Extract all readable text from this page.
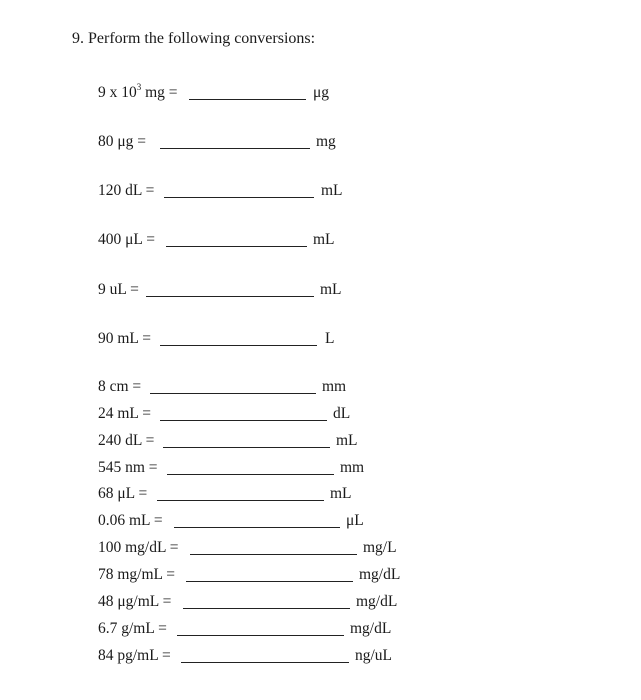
9. Perform the following conversions:
9 x $10^3$ mg =	μg
80 μg =	mg
120 dL =	mL
400 μL =	mL
9 uL =	mL
90 mL =	L
8 cm =	mm
24 mL =	dL
240 dL =	mL
545 nm =	mm
68 μL =	mL
0.06 mL =	μL
100 mg/dL =	mg/L
78 mg/mL =	mg/dL
48 μg/mL =	mg/dL
6.7 g/mL =	mg/dL
84 pg/mL =	ng/uL
